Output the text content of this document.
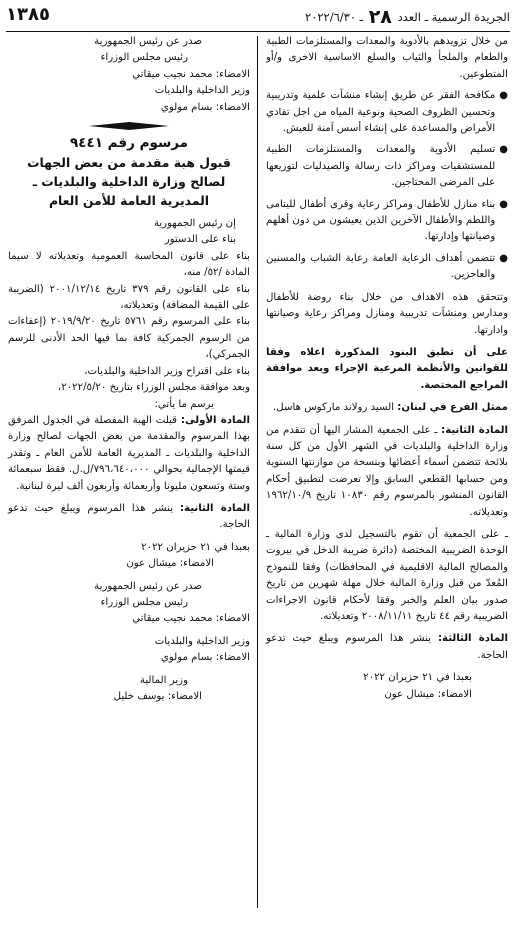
الجريدة الرسمية ـ العدد ٢٨ ـ ٢٠٢٢/٦/٣٠
١٣٨٥

من خلال تزويدهم بالأدوية والمعدات والمستلزمات الطبية والطعام والملجأ والثياب والسلع الاساسية الاخرى و/أو المتطوعين.

●
مكافحة الفقر عن طريق إنشاء منشآت علمية وتدريبية وتحسين الظروف الصحية ونوعية المياه من اجل تفادي الأمراض والمساعدة على إنشاء أسس آمنة للعيش.
●
تسليم الأدوية والمعدات والمستلزمات الطبية للمستشفيات ومراكز ذات رسالة والصيدليات لتوزيعها على المرضى المحتاجين.
●
بناء منازل للأطفال ومراكز رعاية وقرى أطفال لليتامى واللطم والأطفال الآخرين الذين يعيشون من دون أهلهم وصيانتها وإدارتها.
●
تتضمن أهداف الرعاية العامة رعاية الشباب والمسنين والعاجزين.

وتتحقق هذه الاهداف من خلال بناء روضة للأطفال ومدارس ومنشآت تدريبية ومنازل ومراكز رعاية وصيانتها وادارتها.

على أن تطبق البنود المذكورة اعلاه وفقا للقوانين والأنظمة المرعية الإجراء وبعد موافقة المراجع المختصة.

ممثل الفرع في لبنان: السيد رولاند ماركوس هاسل.

المادة الثانية: ـ على الجمعية المشار اليها أن تتقدم من وزارة الداخلية والبلديات في الشهر الأول من كل سنة بلائحة تتضمن أسماء أعضائها وبنسخة من موازنتها السنوية ومن حسابها القطعي السابق وإلا تعرضت لتطبيق أحكام القانون المنشور بالمرسوم رقم ١٠٨٣٠ تاريخ ١٩٦٢/١٠/٩ وتعديلاته.

ـ على الجمعية أن تقوم بالتسجيل لدى وزارة المالية ـ الوحدة الضريبية المختصة (دائرة ضريبة الدخل في بيروت والمصالح المالية الاقليمية في المحافظات) وفقا للنموذج المُعدّ من قبل وزارة المالية خلال مهلة شهرين من تاريخ صدور بيان العلم والخبر وفقا لأحكام قانون الاجراءات الضريبية رقم ٤٤ تاريخ ٢٠٠٨/١١/١١ وتعديلاته.

المادة الثالثة: ينشر هذا المرسوم ويبلغ حيث تدعو الحاجة.

بعبدا في ٢١ حزيران ٢٠٢٢

الامضاء: ميشال عون

صدر عن رئيس الجمهورية

رئيس مجلس الوزراء

الامضاء: محمد نجيب ميقاتي

وزير الداخلية والبلديات

الامضاء: بسام مولوي

مرسوم رقم ٩٤٤١
قبول هبة مقدمة من بعض الجهات
لصالح وزارة الداخلية والبلديات ـ
المديرية العامة للأمن العام

إن رئيس الجمهورية

بناء على الدستور

بناء على قانون المحاسبة العمومية وتعديلاته لا سيما المادة /٥٢/ منه،

بناء على القانون رقم ٣٧٩ تاريخ ٢٠٠١/١٢/١٤ (الضريبة على القيمة المضافة) وتعديلاته،

بناء على المرسوم رقم ٥٧٦١ تاريخ ٢٠١٩/٩/٢٠ (إعفاءات من الرسوم الجمركية كافة بما فيها الحد الأدنى للرسم الجمركي)،

بناء على اقتراح وزير الداخلية والبلديات،

وبعد موافقة مجلس الوزراء بتاريخ ٢٠٢٢/٥/٢٠،

يرسم ما يأتي:

المادة الأولى: قبلت الهبة المفصلة في الجدول المرفق بهذا المرسوم والمقدمة من بعض الجهات لصالح وزارة الداخلية والبلديات ـ المديرية العامة للأمن العام ـ وتقدر قيمتها الإجمالية بحوالي ٧٩٦،٦٤٠،٠٠٠/ل.ل. فقط سبعمائة وستة وتسعون مليونا وأربعمائة وأربعون ألف ليرة لبنانية.

المادة الثانية: ينشر هذا المرسوم ويبلغ حيث تدعو الحاجة.

بعبدا في ٢١ حزيران ٢٠٢٢

الامضاء: ميشال عون

صدر عن رئيس الجمهورية

رئيس مجلس الوزراء

الامضاء: محمد نجيب ميقاتي

وزير الداخلية والبلديات

الامضاء: بسام مولوي

وزير المالية

الامضاء: يوسف خليل
